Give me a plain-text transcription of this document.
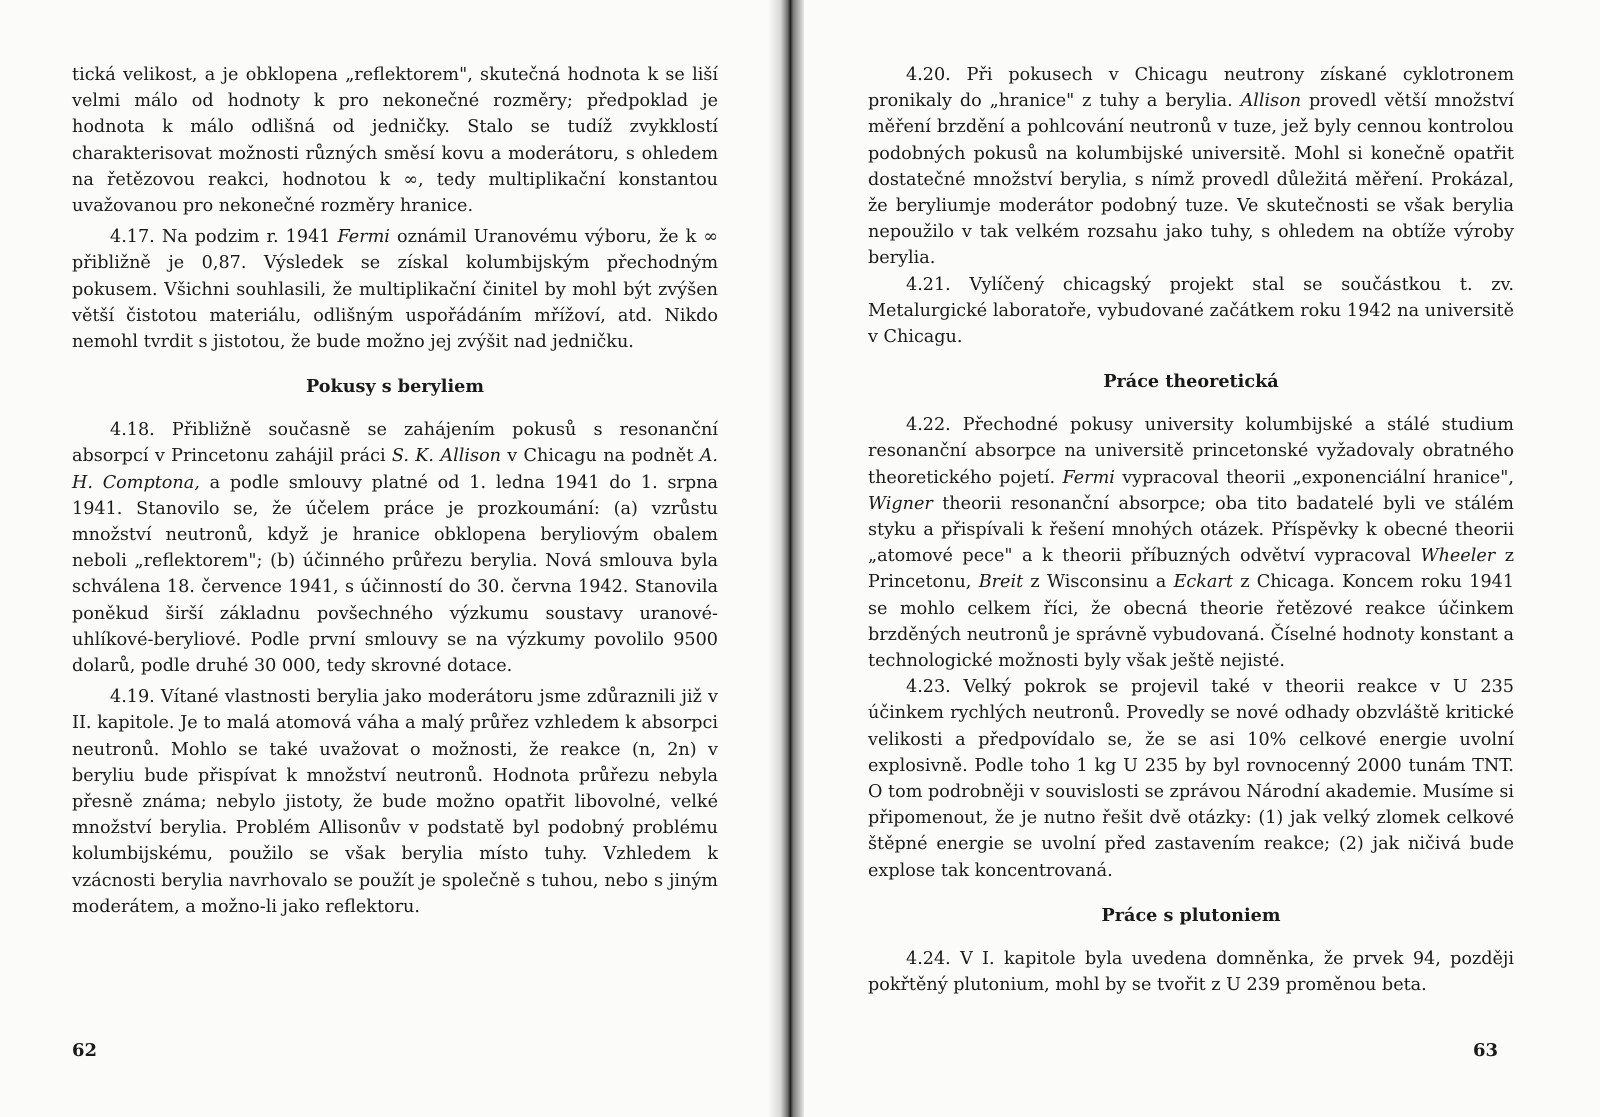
tická velikost, a je obklopena „reflektorem", skutečná hodnota k se liší velmi málo od hodnoty k pro nekonečné rozměry; předpoklad je hodnota k málo odlišná od jedničky. Stalo se tudíž zvykklostí charakterisovat možnosti různých směsí kovu a moderátoru, s ohledem na řetězovou reakci, hodnotou k ∞, tedy multiplikační konstantou uvažovanou pro nekonečné rozměry hranice.

4.17. Na podzim r. 1941 Fermi oznámil Uranovému výboru, že k ∞ přibližně je 0,87. Výsledek se získal kolumbijským přechodným pokusem. Všichni souhlasili, že multiplikační činitel by mohl být zvýšen větší čistotou materiálu, odlišným uspořádáním mřížoví, atd. Nikdo nemohl tvrdit s jistotou, že bude možno jej zvýšit nad jedničku.

Pokusy s beryliem

4.18. Přibližně současně se zahájením pokusů s resonanční absorpcí v Princetonu zahájil práci S. K. Allison v Chicagu na podnět A. H. Comptona, a podle smlouvy platné od 1. ledna 1941 do 1. srpna 1941. Stanovilo se, že účelem práce je prozkoumání: (a) vzrůstu množství neutronů, když je hranice obklopena beryliovým obalem neboli „reflektorem"; (b) účinného průřezu berylia. Nová smlouva byla schválena 18. července 1941, s účinností do 30. června 1942. Stanovila poněkud širší základnu povšechného výzkumu soustavy uranové-uhlíkové-beryliové. Podle první smlouvy se na výzkumy povolilo 9500 dolarů, podle druhé 30 000, tedy skrovné dotace.

4.19. Vítané vlastnosti berylia jako moderátoru jsme zdůraznili již v II. kapitole. Je to malá atomová váha a malý průřez vzhledem k absorpci neutronů. Mohlo se také uvažovat o možnosti, že reakce (n, 2n) v beryliu bude přispívat k množství neutronů. Hodnota průřezu nebyla přesně známa; nebylo jistoty, že bude možno opatřit libovolné, velké množství berylia. Problém Allisonův v podstatě byl podobný problému kolumbijskému, použilo se však berylia místo tuhy. Vzhledem k vzácnosti berylia navrhovalo se použít je společně s tuhou, nebo s jiným moderátem, a možno-li jako reflektoru.

62

4.20. Při pokusech v Chicagu neutrony získané cyklotronem pronikaly do „hranice" z tuhy a berylia. Allison provedl větší množství měření brzdění a pohlcování neutronů v tuze, jež byly cennou kontrolou podobných pokusů na kolumbijské universitě. Mohl si konečně opatřit dostatečné množství berylia, s nímž provedl důležitá měření. Prokázal, že beryliumje moderátor podobný tuze. Ve skutečnosti se však berylia nepoužilo v tak velkém rozsahu jako tuhy, s ohledem na obtíže výroby berylia.

4.21. Vylíčený chicagský projekt stal se součástkou t. zv. Metalurgické laboratoře, vybudované začátkem roku 1942 na universitě v Chicagu.

Práce theoretická

4.22. Přechodné pokusy university kolumbijské a stálé studium resonanční absorpce na universitě princetonské vyžadovaly obratného theoretického pojetí. Fermi vypracoval theorii „exponenciální hranice", Wigner theorii resonanční absorpce; oba tito badatelé byli ve stálém styku a přispívali k řešení mnohých otázek. Příspěvky k obecné theorii „atomové pece" a k theorii příbuzných odvětví vypracoval Wheeler z Princetonu, Breit z Wisconsinu a Eckart z Chicaga. Koncem roku 1941 se mohlo celkem říci, že obecná theorie řetězové reakce účinkem brzděných neutronů je správně vybudovaná. Číselné hodnoty konstant a technologické možnosti byly však ještě nejisté.

4.23. Velký pokrok se projevil také v theorii reakce v U 235 účinkem rychlých neutronů. Provedly se nové odhady obzvláště kritické velikosti a předpovídalo se, že se asi 10% celkové energie uvolní explosivně. Podle toho 1 kg U 235 by byl rovnocenný 2000 tunám TNT. O tom podrobněji v souvislosti se zprávou Národní akademie. Musíme si připomenout, že je nutno řešit dvě otázky: (1) jak velký zlomek celkové štěpné energie se uvolní před zastavením reakce; (2) jak ničivá bude explose tak koncentrovaná.

Práce s plutoniem

4.24. V I. kapitole byla uvedena domněnka, že prvek 94, později pokřtěný plutonium, mohl by se tvořit z U 239 proměnou beta.

63
